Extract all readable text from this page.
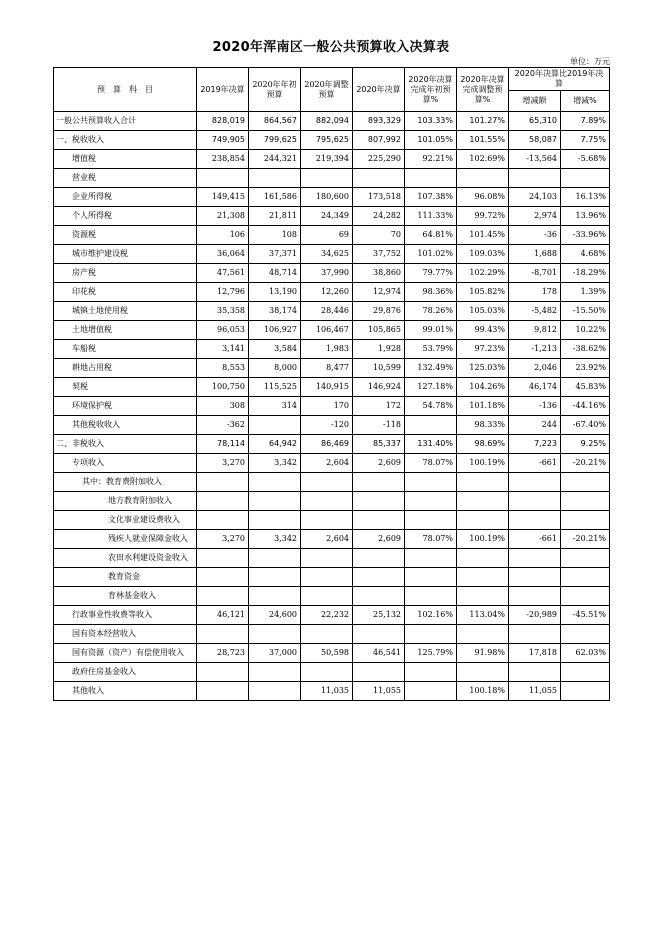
2020年浑南区一般公共预算收入决算表
单位：万元
预　算　科　目	2019年决算	2020年年初预算	2020年调整预算	2020年决算	2020年决算完成年初预算%	2020年决算完成调整预算%	2020年决算比2019年决算	
							增减额	增减%
一般公共预算收入合计	828,019	864,567	882,094	893,329	103.33%	101.27%	65,310	7.89%
一、税收收入	749,905	799,625	795,625	807,992	101.05%	101.55%	58,087	7.75%
增值税	238,854	244,321	219,394	225,290	92.21%	102.69%	-13,564	-5.68%
营业税								
企业所得税	149,415	161,586	180,600	173,518	107.38%	96.08%	24,103	16.13%
个人所得税	21,308	21,811	24,349	24,282	111.33%	99.72%	2,974	13.96%
资源税	106	108	69	70	64.81%	101.45%	-36	-33.96%
城市维护建设税	36,064	37,371	34,625	37,752	101.02%	109.03%	1,688	4.68%
房产税	47,561	48,714	37,990	38,860	79.77%	102.29%	-8,701	-18.29%
印花税	12,796	13,190	12,260	12,974	98.36%	105.82%	178	1.39%
城镇土地使用税	35,358	38,174	28,446	29,876	78.26%	105.03%	-5,482	-15.50%
土地增值税	96,053	106,927	106,467	105,865	99.01%	99.43%	9,812	10.22%
车船税	3,141	3,584	1,983	1,928	53.79%	97.23%	-1,213	-38.62%
耕地占用税	8,553	8,000	8,477	10,599	132.49%	125.03%	2,046	23.92%
契税	100,750	115,525	140,915	146,924	127.18%	104.26%	46,174	45.83%
环境保护税	308	314	170	172	54.78%	101.18%	-136	-44.16%
其他税收收入	-362		-120	-118		98.33%	244	-67.40%
二、非税收入	78,114	64,942	86,469	85,337	131.40%	98.69%	7,223	9.25%
专项收入	3,270	3,342	2,604	2,609	78.07%	100.19%	-661	-20.21%
其中：教育费附加收入								
地方教育附加收入								
文化事业建设费收入								
残疾人就业保障金收入	3,270	3,342	2,604	2,609	78.07%	100.19%	-661	-20.21%
农田水利建设资金收入								
教育资金								
育林基金收入								
行政事业性收费等收入	46,121	24,600	22,232	25,132	102.16%	113.04%	-20,989	-45.51%
国有资本经营收入								
国有资源（资产）有偿使用收入	28,723	37,000	50,598	46,541	125.79%	91.98%	17,818	62.03%
政府住房基金收入								
其他收入			11,035	11,055		100.18%	11,055	
